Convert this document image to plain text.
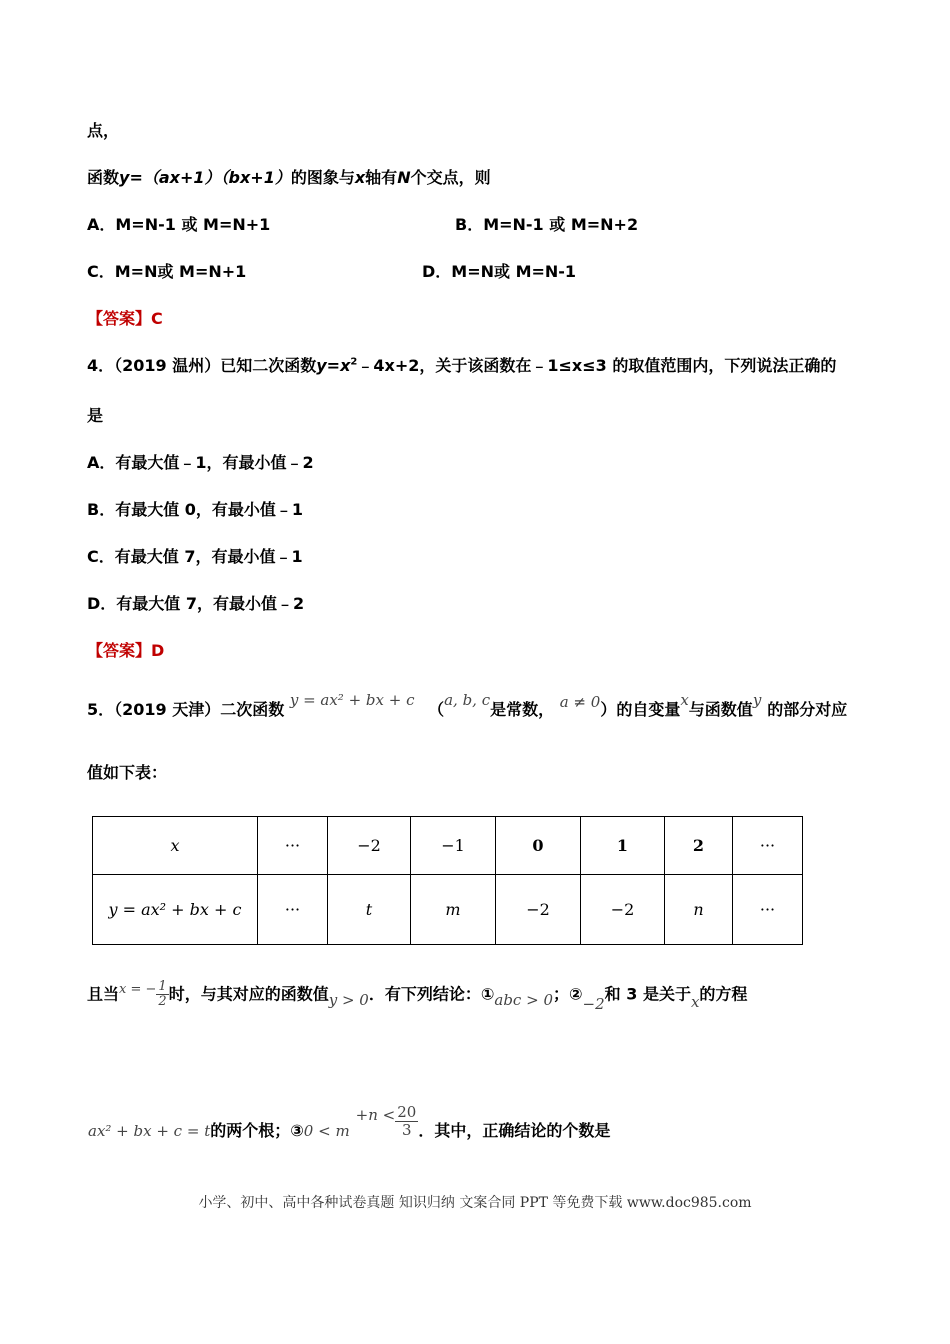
点，
函数y=（ax+1）（bx+1）的图象与x轴有N个交点，则
A．M=N-1 或 M=N+1	B．M=N-1 或 M=N+2
C．M=N或 M=N+1	D．M=N或 M=N-1
【答案】C
4．（2019 温州）已知二次函数$y=x^2﹣4x+2$，关于该函数在﹣1≤x≤3 的取值范围内，下列说法正确的
是
A．有最大值﹣1，有最小值﹣2
B．有最大值 0，有最小值﹣1
C．有最大值 7，有最小值﹣1
D．有最大值 7，有最小值﹣2
【答案】D
5．（2019 天津）二次函数 y = ax² + bx + c （a, b, c是常数， a ≠ 0）的自变量x与函数值y 的部分对应
值如下表：
x	···	−2	−1	0	1	2	···
y = ax² + bx + c	···	t	m	−2	−2	n	···
且当$^{x = -} \frac{1}{2}$ 时，与其对应的函数值y > 0．有下列结论：①abc > 0；②−2和 3 是关于x的方程
ax² + bx + c = t的两个根；③0 < $m+n < \frac{20}{3}$ ．其中，正确结论的个数是
小学、初中、高中各种试卷真题 知识归纳 文案合同 PPT 等免费下载 www.doc985.com
